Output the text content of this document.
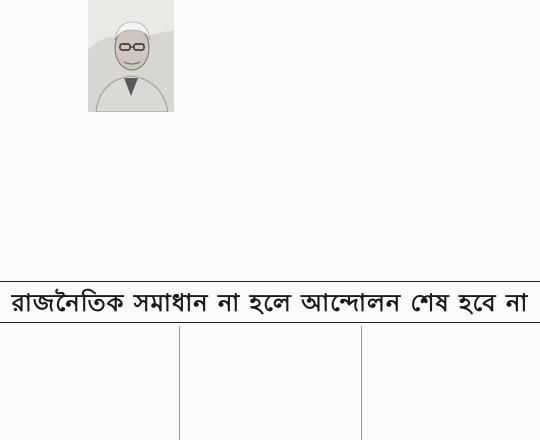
রাজনৈতিক সমাধান না হলে আন্দোলন শেষ হবে না
